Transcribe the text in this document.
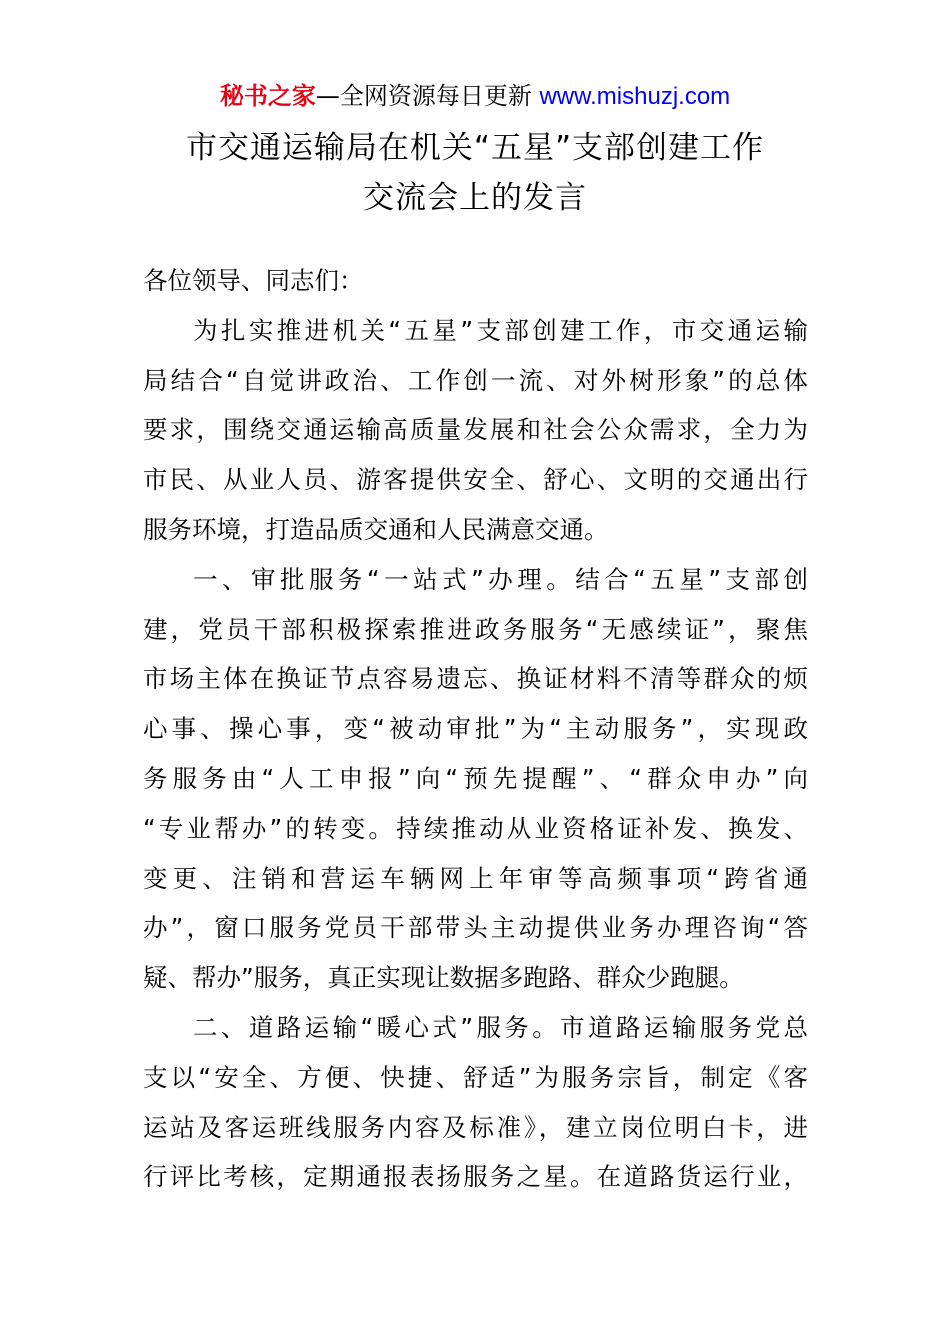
秘书之家—全网资源每日更新 www.mishuzj.com
市交通运输局在机关“五星”支部创建工作
交流会上的发言
各位领导、同志们：
为扎实推进机关“五星”支部创建工作，市交通运输
局结合“自觉讲政治、工作创一流、对外树形象”的总体
要求，围绕交通运输高质量发展和社会公众需求，全力为
市民、从业人员、游客提供安全、舒心、文明的交通出行
服务环境，打造品质交通和人民满意交通。
一、审批服务“一站式”办理。结合“五星”支部创
建，党员干部积极探索推进政务服务“无感续证”，聚焦
市场主体在换证节点容易遗忘、换证材料不清等群众的烦
心事、操心事，变“被动审批”为“主动服务”，实现政
务服务由“人工申报”向“预先提醒”、“群众申办”向
“专业帮办”的转变。持续推动从业资格证补发、换发、
变更、注销和营运车辆网上年审等高频事项“跨省通
办”，窗口服务党员干部带头主动提供业务办理咨询“答
疑、帮办”服务，真正实现让数据多跑路、群众少跑腿。
二、道路运输“暖心式”服务。市道路运输服务党总
支以“安全、方便、快捷、舒适”为服务宗旨，制定《客
运站及客运班线服务内容及标准》，建立岗位明白卡，进
行评比考核，定期通报表扬服务之星。在道路货运行业，
